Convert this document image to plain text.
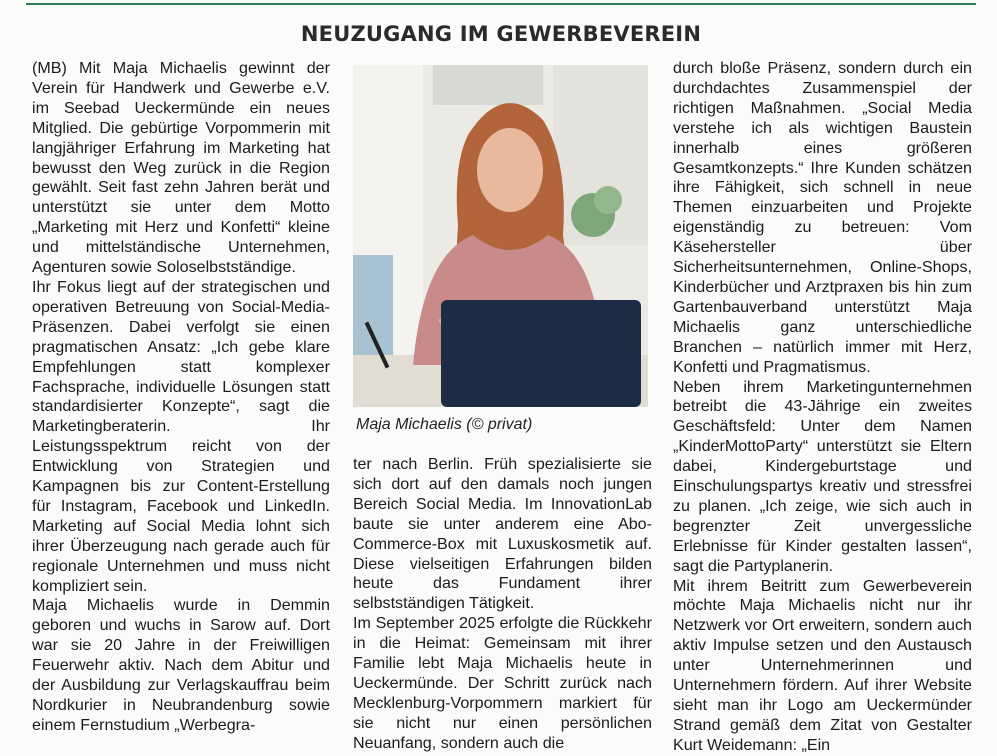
NEUZUGANG IM GEWERBEVEREIN

(MB) Mit Maja Michaelis gewinnt der Verein für Handwerk und Gewerbe e.V. im Seebad Ueckermünde ein neues Mitglied. Die gebürtige Vorpommerin mit langjähriger Erfahrung im Marketing hat bewusst den Weg zurück in die Region gewählt. Seit fast zehn Jahren berät und unterstützt sie unter dem Motto „Marketing mit Herz und Konfetti“ kleine und mittelständische Unternehmen, Agenturen sowie Soloselbstständige.

Ihr Fokus liegt auf der strategischen und operativen Betreuung von Social-Media-Präsenzen. Dabei verfolgt sie einen pragmatischen Ansatz: „Ich gebe klare Empfehlungen statt komplexer Fachsprache, individuelle Lösungen statt standardisierter Konzepte“, sagt die Marketingberaterin. Ihr Leistungsspektrum reicht von der Entwicklung von Strategien und Kampagnen bis zur Content-Erstellung für Instagram, Facebook und LinkedIn. Marketing auf Social Media lohnt sich ihrer Überzeugung nach gerade auch für regionale Unternehmen und muss nicht kompliziert sein.

Maja Michaelis wurde in Demmin geboren und wuchs in Sarow auf. Dort war sie 20 Jahre in der Freiwilligen Feuerwehr aktiv. Nach dem Abitur und der Ausbildung zur Verlagskauffrau beim Nordkurier in Neubrandenburg sowie einem Fernstudium „Werbegra-

Maja Michaelis (© privat)

ter nach Berlin. Früh spezialisierte sie sich dort auf den damals noch jungen Bereich Social Media. Im InnovationLab baute sie unter anderem eine Abo-Commerce-Box mit Luxuskosmetik auf. Diese vielseitigen Erfahrungen bilden heute das Fundament ihrer selbstständigen Tätigkeit.

Im September 2025 erfolgte die Rückkehr in die Heimat: Gemeinsam mit ihrer Familie lebt Maja Michaelis heute in Ueckermünde. Der Schritt zurück nach Mecklenburg-Vorpommern markiert für sie nicht nur einen persönlichen Neuanfang, sondern auch die

durch bloße Präsenz, sondern durch ein durchdachtes Zusammenspiel der richtigen Maßnahmen. „Social Media verstehe ich als wichtigen Baustein innerhalb eines größeren Gesamtkonzepts.“ Ihre Kunden schätzen ihre Fähigkeit, sich schnell in neue Themen einzuarbeiten und Projekte eigenständig zu betreuen: Vom Käsehersteller über Sicherheitsunternehmen, Online-Shops, Kinderbücher und Arztpraxen bis hin zum Gartenbauverband unterstützt Maja Michaelis ganz unterschiedliche Branchen – natürlich immer mit Herz, Konfetti und Pragmatismus.

Neben ihrem Marketingunternehmen betreibt die 43-Jährige ein zweites Geschäftsfeld: Unter dem Namen „KinderMottoParty“ unterstützt sie Eltern dabei, Kindergeburtstage und Einschulungspartys kreativ und stressfrei zu planen. „Ich zeige, wie sich auch in begrenzter Zeit unvergessliche Erlebnisse für Kinder gestalten lassen“, sagt die Partyplanerin.

Mit ihrem Beitritt zum Gewerbeverein möchte Maja Michaelis nicht nur ihr Netzwerk vor Ort erweitern, sondern auch aktiv Impulse setzen und den Austausch unter Unternehmerinnen und Unternehmern fördern. Auf ihrer Website sieht man ihr Logo am Ueckermünder Strand gemäß dem Zitat von Gestalter Kurt Weidemann: „Ein
